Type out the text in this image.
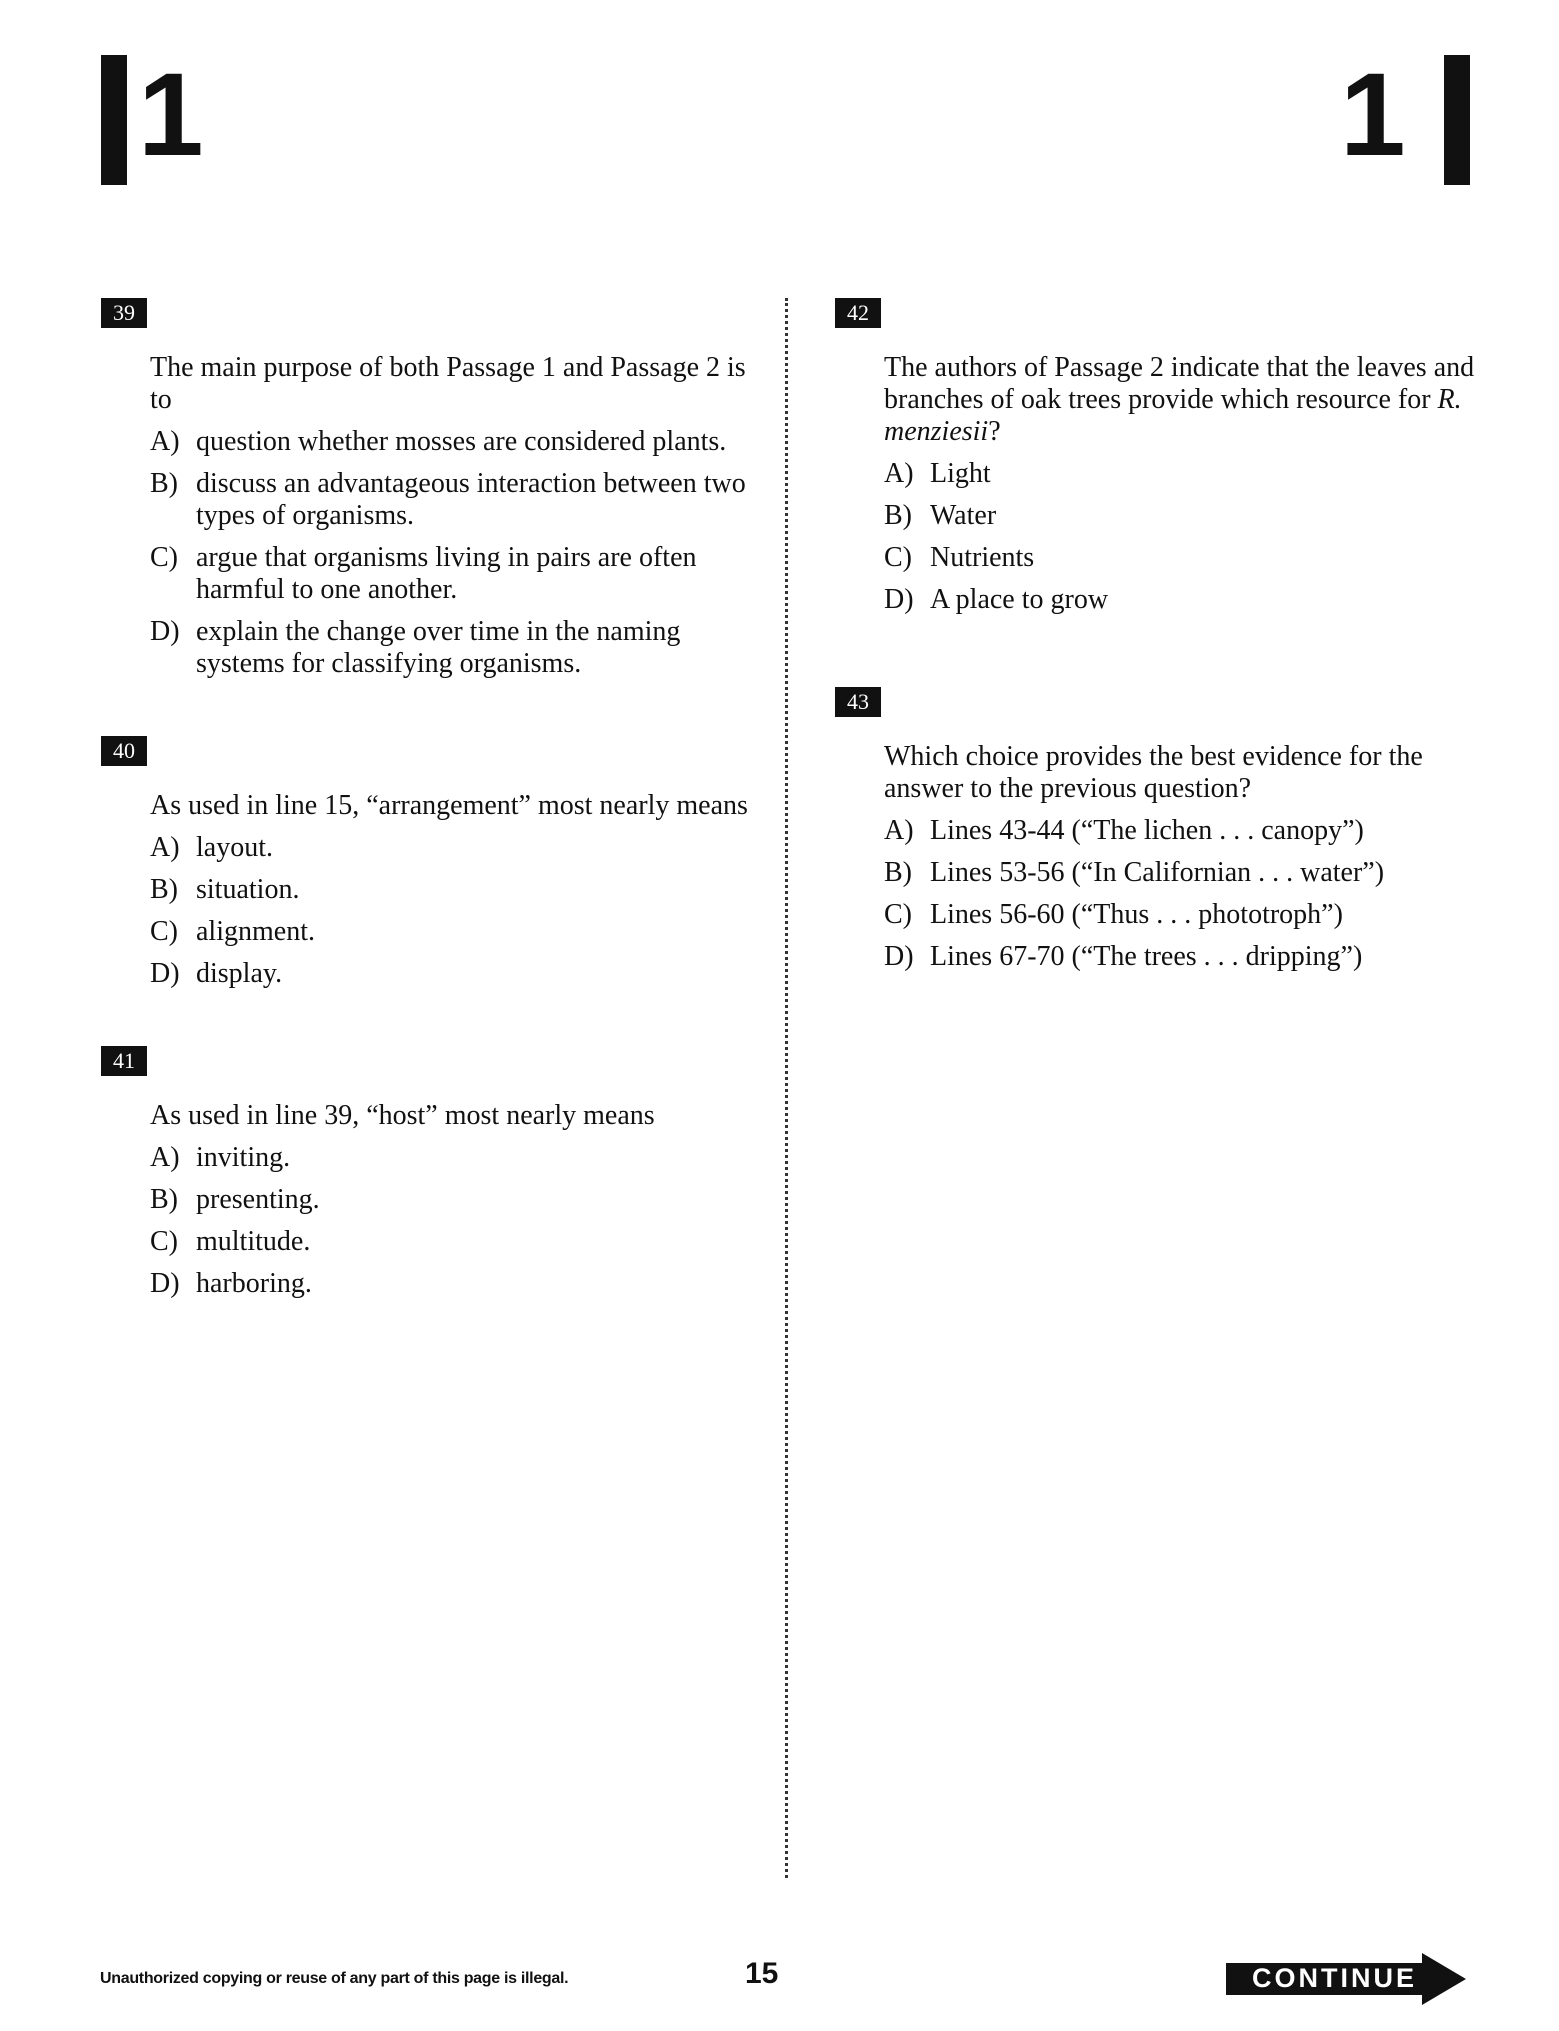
1	1
39
The main purpose of both Passage 1 and Passage 2 is to
A) question whether mosses are considered plants.
B) discuss an advantageous interaction between two types of organisms.
C) argue that organisms living in pairs are often harmful to one another.
D) explain the change over time in the naming systems for classifying organisms.
40
As used in line 15, “arrangement” most nearly means
A) layout.
B) situation.
C) alignment.
D) display.
41
As used in line 39, “host” most nearly means
A) inviting.
B) presenting.
C) multitude.
D) harboring.
42
The authors of Passage 2 indicate that the leaves and branches of oak trees provide which resource for R. menziesii?
A) Light
B) Water
C) Nutrients
D) A place to grow
43
Which choice provides the best evidence for the answer to the previous question?
A) Lines 43-44 (“The lichen . . . canopy”)
B) Lines 53-56 (“In Californian . . . water”)
C) Lines 56-60 (“Thus . . . phototroph”)
D) Lines 67-70 (“The trees . . . dripping”)
Unauthorized copying or reuse of any part of this page is illegal.	15	CONTINUE
